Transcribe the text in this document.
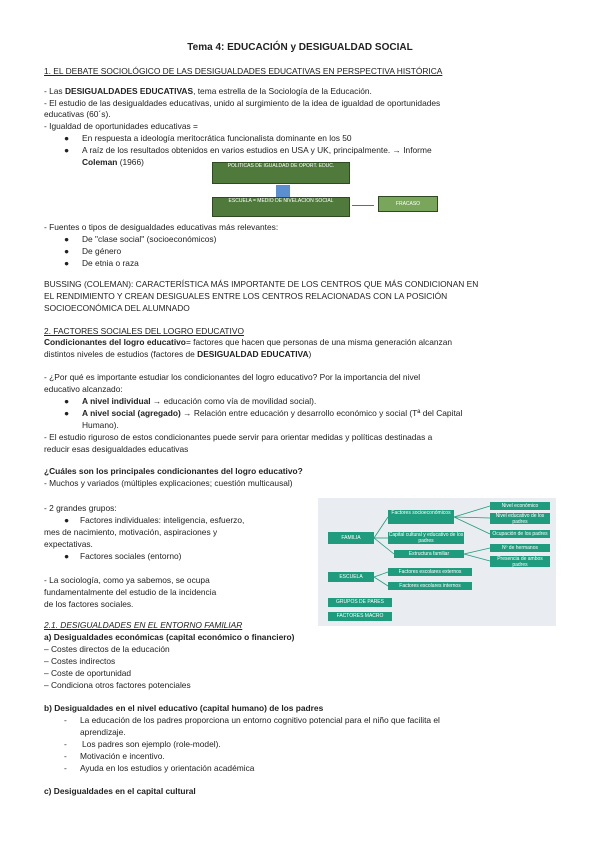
Tema 4: EDUCACIÓN y DESIGUALDAD SOCIAL
1. EL DEBATE SOCIOLÓGICO DE LAS DESIGUALDADES EDUCATIVAS EN PERSPECTIVA HISTÓRICA
- Las DESIGUALDADES EDUCATIVAS, tema estrella de la Sociología de la Educación.
- El estudio de las desigualdades educativas, unido al surgimiento de la idea de igualdad de oportunidades
educativas (60´s).
- Igualdad de oportunidades educativas =
● En respuesta a ideología meritocrática funcionalista dominante en los 50
● A raíz de los resultados obtenidos en varios estudios en USA y UK, principalmente. → Informe
Coleman (1966)	POLÍTICAS DE IGUALDAD DE OPORT. EDUC.
ESCUELA = MEDIO DE NIVELACIÓN SOCIAL	FRACASO
- Fuentes o tipos de desigualdades educativas más relevantes:
● De "clase social" (socioeconómicos)
● De género
● De etnia o raza
BUSSING (COLEMAN): CARACTERÍSTICA MÁS IMPORTANTE DE LOS CENTROS QUE MÁS CONDICIONAN EN
EL RENDIMIENTO Y CREAN DESIGUALES ENTRE LOS CENTROS RELACIONADAS CON LA POSICIÓN
SOCIOECONÓMICA DEL ALUMNADO
2. FACTORES SOCIALES DEL LOGRO EDUCATIVO
Condicionantes del logro educativo= factores que hacen que personas de una misma generación alcanzan
distintos niveles de estudios (factores de DESIGUALDAD EDUCATIVA)
- ¿Por qué es importante estudiar los condicionantes del logro educativo? Por la importancia del nivel
educativo alcanzado:
● A nivel individual → educación como vía de movilidad social).
● A nivel social (agregado) → Relación entre educación y desarrollo económico y social (Tª del Capital
Humano).
- El estudio riguroso de estos condicionantes puede servir para orientar medidas y políticas destinadas a
reducir esas desigualdades educativas
¿Cuáles son los principales condicionantes del logro educativo?
- Muchos y variados (múltiples explicaciones; cuestión multicausal)
- 2 grandes grupos:
● Factores individuales: inteligencia, esfuerzo,
mes de nacimiento, motivación, aspiraciones y
expectativas.
● Factores sociales (entorno)
- La sociología, como ya sabemos, se ocupa
fundamentalmente del estudio de la incidencia
de los factores sociales.
FAMILIA
ESCUELA
GRUPOS DE PARES
FACTORES MACRO
Factores socioeconómicos
Capital cultural y educativo de los padres
Estructura familiar
Factores escolares externos
Factores escolares internos
Nivel económico
Nivel educativo de los padres
Ocupación de los padres
Nº de hermanos
Presencia de ambos padres
2.1. DESIGUALDADES EN EL ENTORNO FAMILIAR
a) Desigualdades económicas (capital económico o financiero)
– Costes directos de la educación
– Costes indirectos
– Coste de oportunidad
– Condiciona otros factores potenciales
b) Desigualdades en el nivel educativo (capital humano) de los padres
- La educación de los padres proporciona un entorno cognitivo potencial para el niño que facilita el
aprendizaje.
- Los padres son ejemplo (role-model).
- Motivación e incentivo.
- Ayuda en los estudios y orientación académica
c) Desigualdades en el capital cultural
